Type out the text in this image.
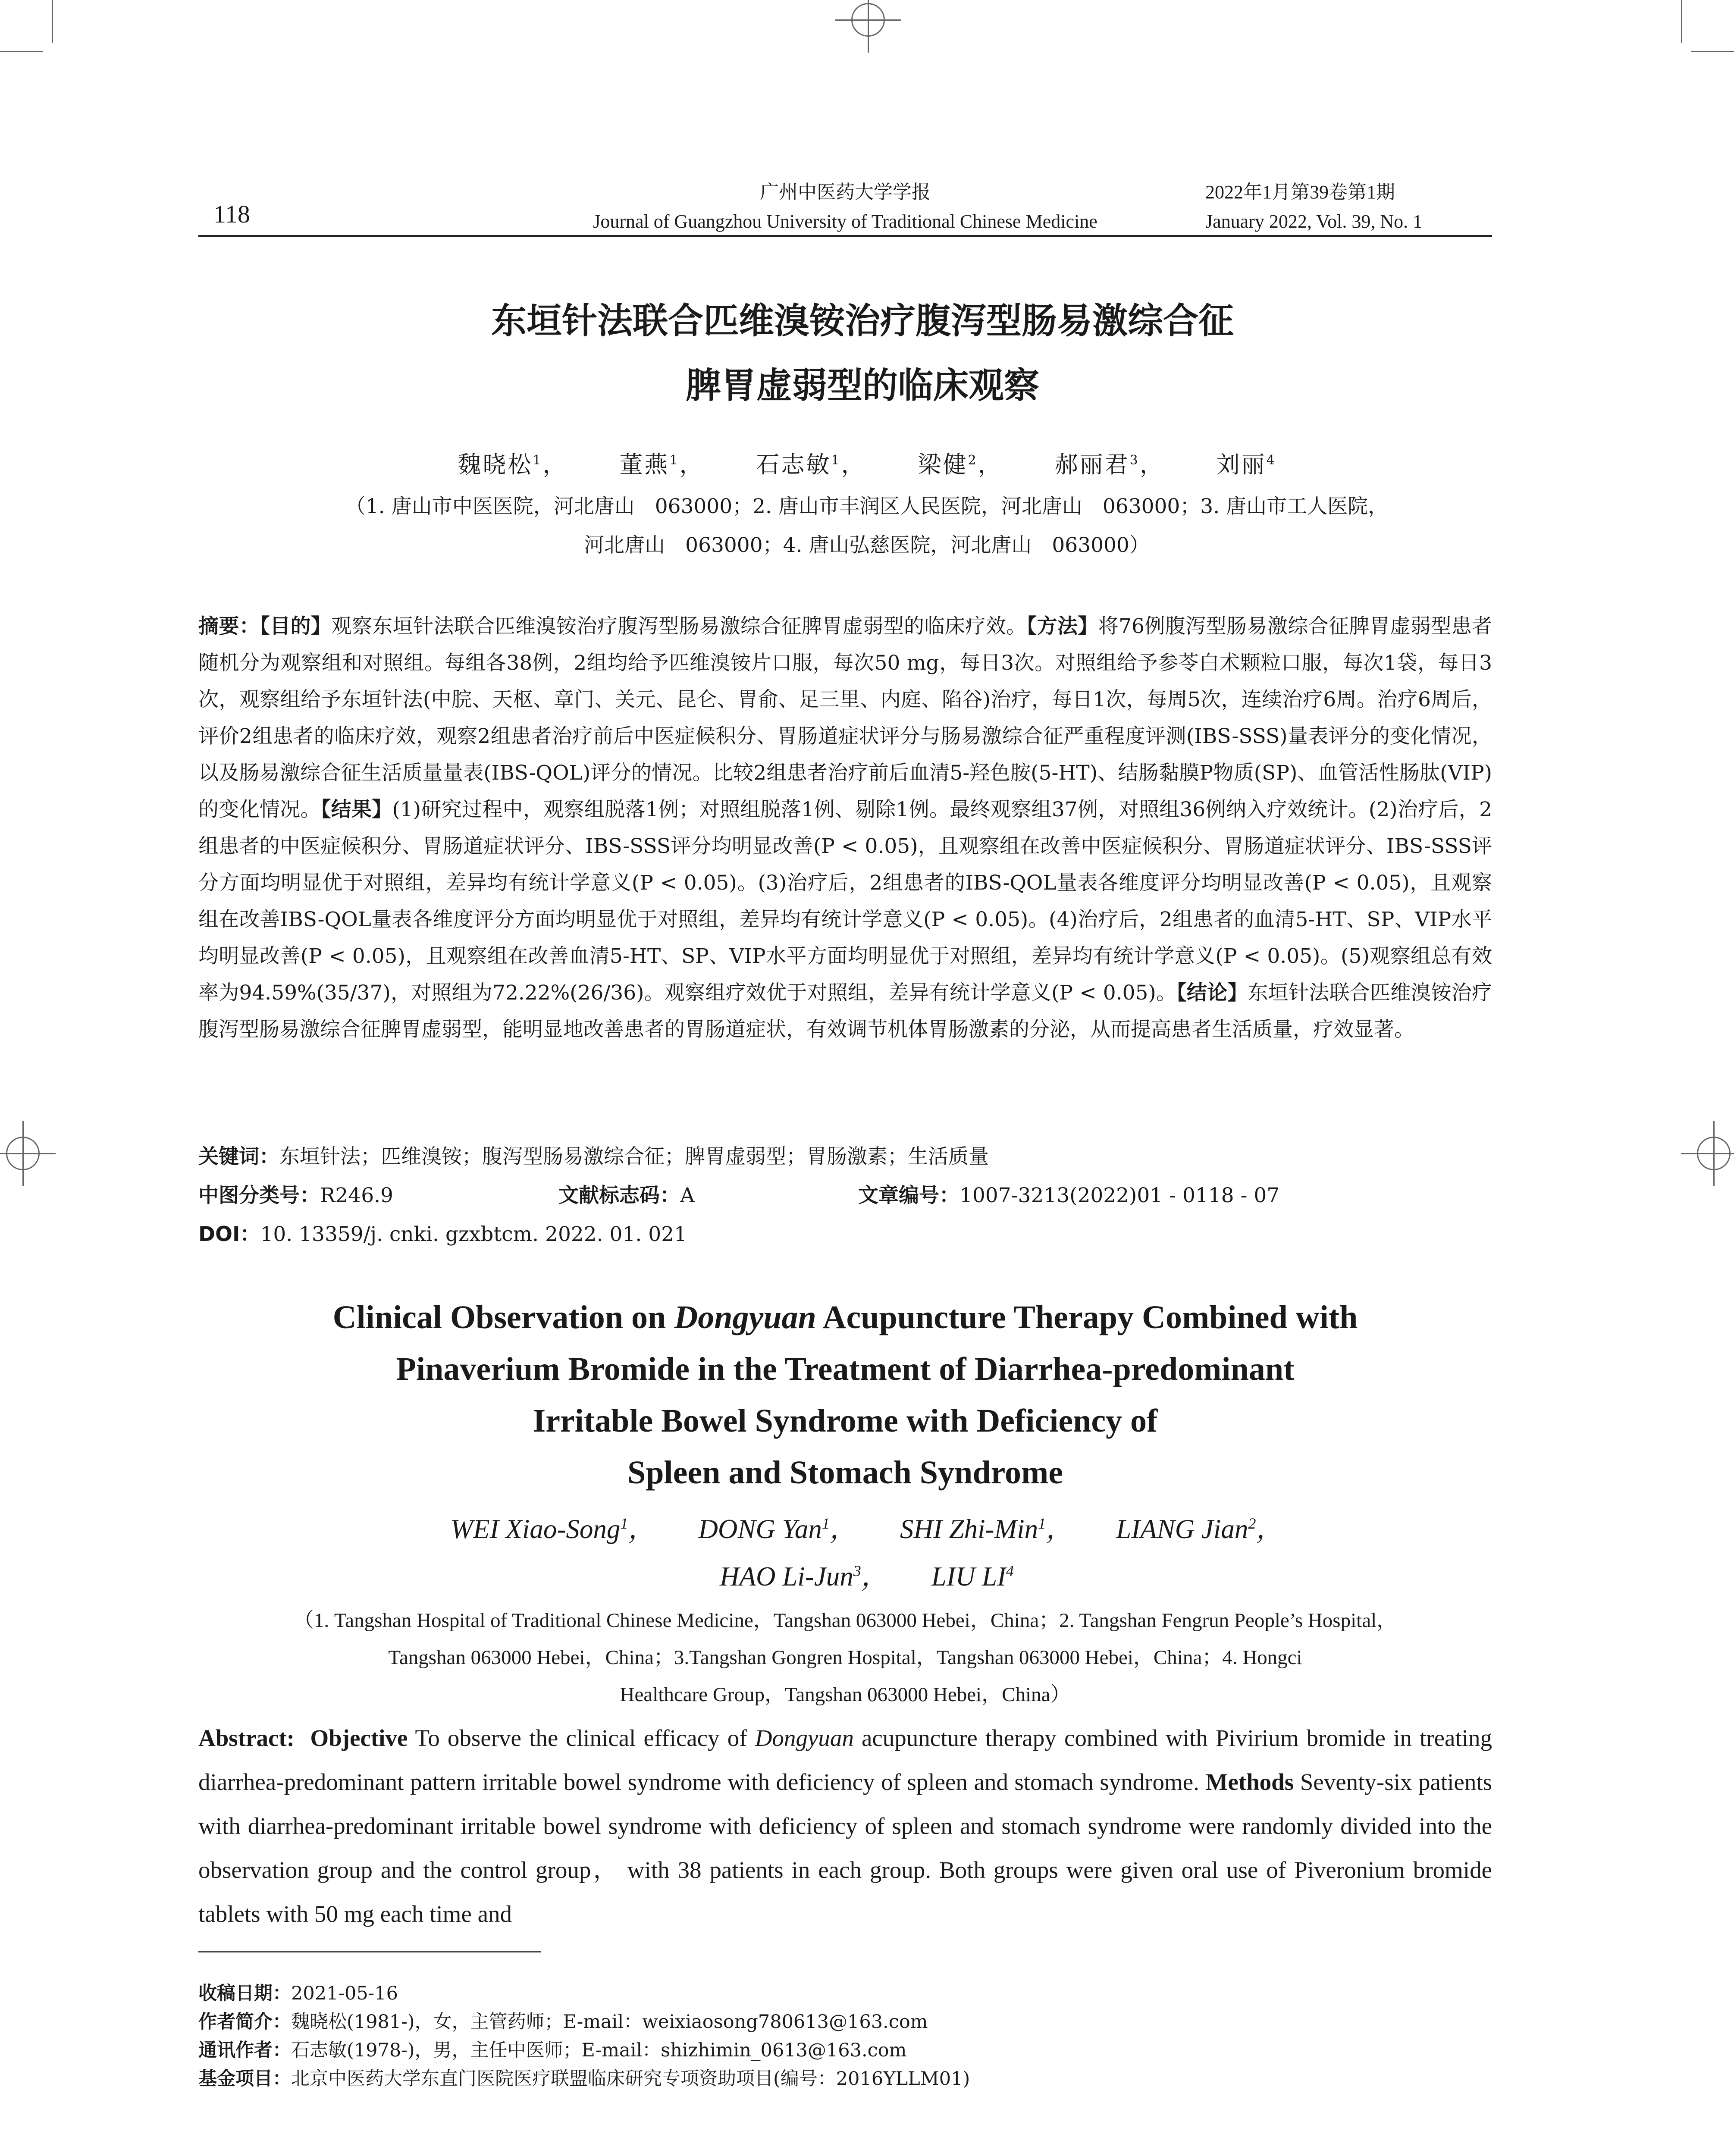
118
广州中医药大学学报
Journal of Guangzhou University of Traditional Chinese Medicine
2022年1月第39卷第1期
January 2022, Vol. 39, No. 1
东垣针法联合匹维溴铵治疗腹泻型肠易激综合征
脾胃虚弱型的临床观察
魏晓松$^1$， 董燕$^1$， 石志敏$^1$， 梁健$^2$， 郝丽君$^3$， 刘丽$^4$
（1. 唐山市中医医院，河北唐山　063000；2. 唐山市丰润区人民医院，河北唐山　063000；3. 唐山市工人医院，
河北唐山　063000；4. 唐山弘慈医院，河北唐山　063000）
摘要：【目的】观察东垣针法联合匹维溴铵治疗腹泻型肠易激综合征脾胃虚弱型的临床疗效。【方法】将76例腹泻型肠易激综合征脾胃虚弱型患者随机分为观察组和对照组。每组各38例，2组均给予匹维溴铵片口服，每次50 mg，每日3次。对照组给予参苓白术颗粒口服，每次1袋，每日3次，观察组给予东垣针法(中脘、天枢、章门、关元、昆仑、胃俞、足三里、内庭、陷谷)治疗，每日1次，每周5次，连续治疗6周。治疗6周后，评价2组患者的临床疗效，观察2组患者治疗前后中医症候积分、胃肠道症状评分与肠易激综合征严重程度评测(IBS-SSS)量表评分的变化情况，以及肠易激综合征生活质量量表(IBS-QOL)评分的情况。比较2组患者治疗前后血清5-羟色胺(5-HT)、结肠黏膜P物质(SP)、血管活性肠肽(VIP)的变化情况。【结果】(1)研究过程中，观察组脱落1例；对照组脱落1例、剔除1例。最终观察组37例，对照组36例纳入疗效统计。(2)治疗后，2组患者的中医症候积分、胃肠道症状评分、IBS-SSS评分均明显改善(P < 0.05)，且观察组在改善中医症候积分、胃肠道症状评分、IBS-SSS评分方面均明显优于对照组，差异均有统计学意义(P < 0.05)。(3)治疗后，2组患者的IBS-QOL量表各维度评分均明显改善(P < 0.05)，且观察组在改善IBS-QOL量表各维度评分方面均明显优于对照组，差异均有统计学意义(P < 0.05)。(4)治疗后，2组患者的血清5-HT、SP、VIP水平均明显改善(P < 0.05)，且观察组在改善血清5-HT、SP、VIP水平方面均明显优于对照组，差异均有统计学意义(P < 0.05)。(5)观察组总有效率为94.59%(35/37)，对照组为72.22%(26/36)。观察组疗效优于对照组，差异有统计学意义(P < 0.05)。【结论】东垣针法联合匹维溴铵治疗腹泻型肠易激综合征脾胃虚弱型，能明显地改善患者的胃肠道症状，有效调节机体胃肠激素的分泌，从而提高患者生活质量，疗效显著。
关键词：东垣针法；匹维溴铵；腹泻型肠易激综合征；脾胃虚弱型；胃肠激素；生活质量
中图分类号：R246.9	文献标志码：A	文章编号：1007-3213(2022)01 - 0118 - 07
DOI：10. 13359/j. cnki. gzxbtcm. 2022. 01. 021
Clinical Observation on Dongyuan Acupuncture Therapy Combined with
Pinaverium Bromide in the Treatment of Diarrhea-predominant
Irritable Bowel Syndrome with Deficiency of
Spleen and Stomach Syndrome
WEI Xiao-Song$^1$， DONG Yan$^1$， SHI Zhi-Min$^1$， LIANG Jian$^2$，
HAO Li-Jun$^3$， LIU $LI^4$
（1. Tangshan Hospital of Traditional Chinese Medicine，Tangshan 063000 Hebei，China；2. Tangshan Fengrun People’s Hospital，
Tangshan 063000 Hebei，China；3.Tangshan Gongren Hospital，Tangshan 063000 Hebei，China；4. Hongci
Healthcare Group，Tangshan 063000 Hebei，China）
Abstract: Objective To observe the clinical efficacy of Dongyuan acupuncture therapy combined with Pivirium bromide in treating diarrhea-predominant pattern irritable bowel syndrome with deficiency of spleen and stomach syndrome. Methods Seventy-six patients with diarrhea-predominant irritable bowel syndrome with deficiency of spleen and stomach syndrome were randomly divided into the observation group and the control group， with 38 patients in each group. Both groups were given oral use of Piveronium bromide tablets with 50 mg each time and
收稿日期：2021-05-16
作者简介：魏晓松(1981-)，女，主管药师；E-mail：weixiaosong780613@163.com
通讯作者：石志敏(1978-)，男，主任中医师；E-mail：shizhimin_0613@163.com
基金项目：北京中医药大学东直门医院医疗联盟临床研究专项资助项目(编号：2016YLLM01)
